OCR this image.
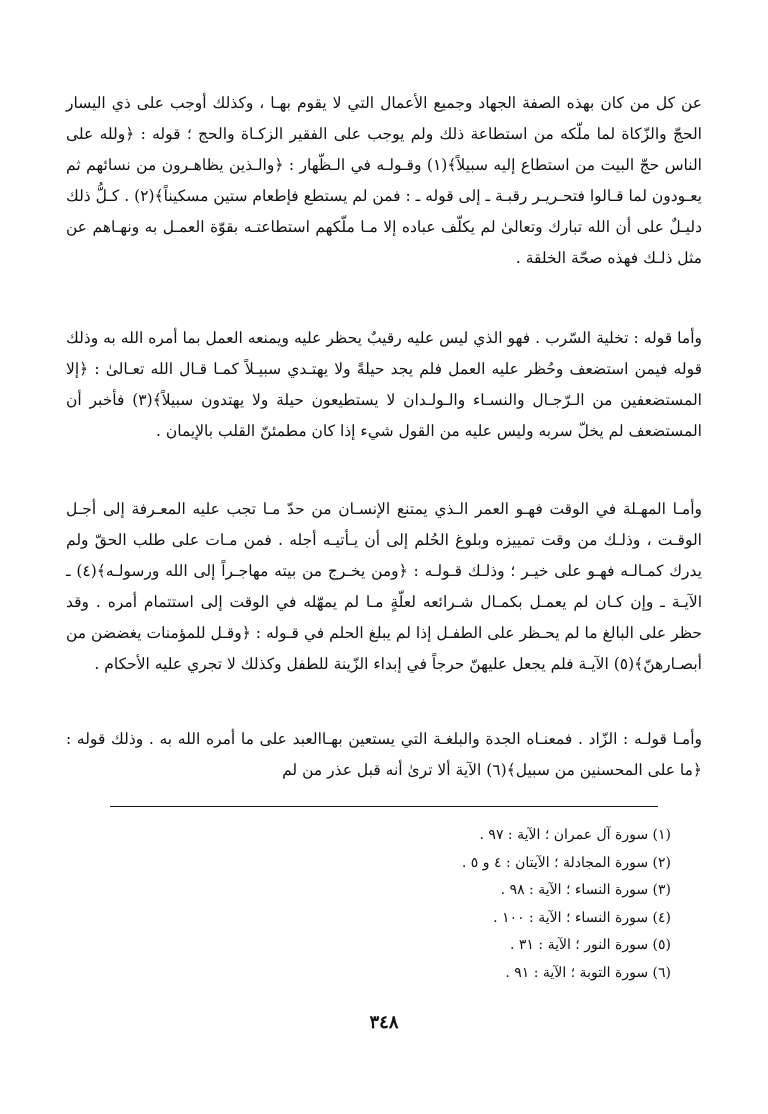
عن كل من كان بهذه الصفة الجهاد وجميع الأعمال التي لا يقوم بهـا ، وكذلك أوجب على ذي اليسار الحجّ والزّكاة لما ملّكه من استطاعة ذلك ولم يوجب على الفقير الزكـاة والحج ؛ قوله : ﴿ولله على الناس حجّ البيت من استطاع إليه سبيلاً﴾(١) وقـولـه في الـظّهار : ﴿والـذين يظاهـرون من نسائهم ثم يعـودون لما قـالوا فتحـريـر رقبـة ـ إلى قوله ـ : فمن لم يستطع فإطعام ستين مسكيناً﴾(٢) . كـلُّ ذلك دليـلٌ على أن الله تبارك وتعالىٰ لم يكلّف عباده إلا مـا ملّكهم استطاعتـه بقوّة العمـل به ونهـاهم عن مثل ذلـك فهذه صحّة الخلقة .

وأما قوله : تخلية السّرب . فهو الذي ليس عليه رقيبٌ يحظر عليه ويمنعه العمل بما أمره الله به وذلك قوله فيمن استضعف وحُظر عليه العمل فلم يجد حيلةً ولا يهتـدي سبيـلاً كمـا قـال الله تعـالىٰ : ﴿إلا المستضعفين من الـرّجـال والنسـاء والـولـدان لا يستطيعون حيلة ولا يهتدون سبيلاً﴾(٣) فأخبر أن المستضعف لم يخلّ سربه وليس عليه من القول شيء إذا كان مطمئنّ القلب بالإيمان .

وأمـا المهـلة في الوقت فهـو العمر الـذي يمتنع الإنسـان من حدّ مـا تجب عليه المعـرفة إلى أجـل الوقـت ، وذلـك من وقت تمييزه وبلوغ الحُلم إلى أن يـأتيـه أجله . فمن مـات على طلب الحقّ ولم يدرك كمـالـه فهـو على خيـر ؛ وذلـك قـولـه : ﴿ومن يخـرج من بيته مهاجـراً إلى الله ورسولـه﴾(٤) ـ الآيـة ـ وإن كـان لم يعمـل بكمـال شـرائعه لعلّةٍ مـا لم يمهّله في الوقت إلى استتمام أمره . وقد حظر على البالغ ما لم يحـظر على الطفـل إذا لم يبلغ الحلم في قـوله : ﴿وقـل للمؤمنات يغضضن من أبصـارهنّ﴾(٥) الآيـة فلم يجعل عليهنّ حرجاً في إبداء الزّينة للطفل وكذلك لا تجري عليه الأحكام .

وأمـا قولـه : الزّاد . فمعنـاه الجدة والبلغـة التي يستعين بهـاالعبد على ما أمره الله به . وذلك قوله : ﴿ما على المحسنين من سبيل﴾(٦) الآية ألا ترىٰ أنه قبل عذر من لم

(١) سورة آل عمران ؛ الآية : ٩٧ .
(٢) سورة المجادلة ؛ الآيتان : ٤ و ٥ .
(٣) سورة النساء ؛ الآية : ٩٨ .
(٤) سورة النساء ؛ الآية : ١٠٠ .
(٥) سورة النور ؛ الآية : ٣١ .
(٦) سورة التوبة ؛ الآية : ٩١ .
٣٤٨
